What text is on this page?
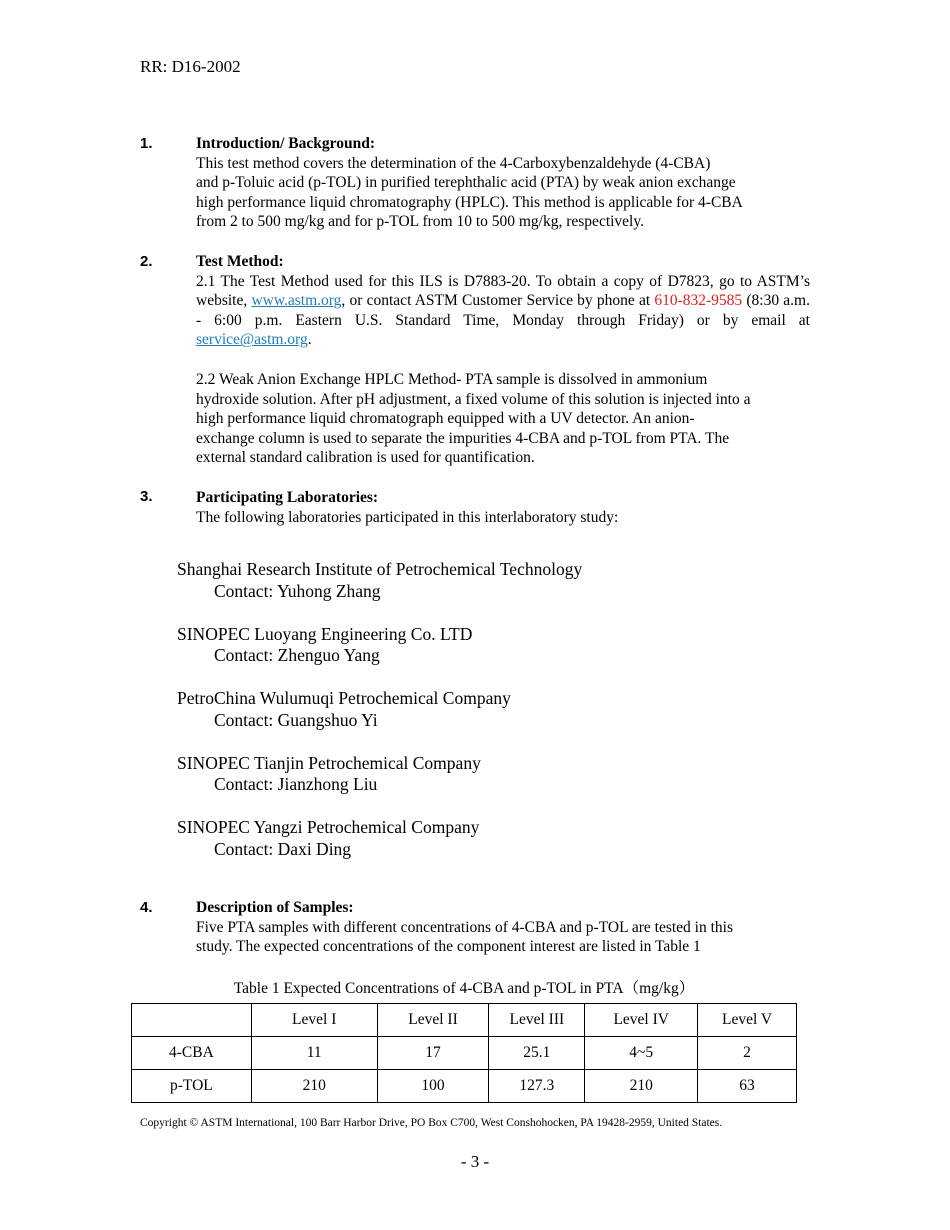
RR: D16-2002
1.	Introduction/ Background:
This test method covers the determination of the 4-Carboxybenzaldehyde (4-CBA)
and p-Toluic acid (p-TOL) in purified terephthalic acid (PTA) by weak anion exchange
high performance liquid chromatography (HPLC). This method is applicable for 4-CBA
from 2 to 500 mg/kg and for p-TOL from 10 to 500 mg/kg, respectively.
2.	Test Method:
2.1 The Test Method used for this ILS is D7883-20. To obtain a copy of D7823, go to ASTM’s website, www.astm.org, or contact ASTM Customer Service by phone at 610-832-9585 (8:30 a.m. - 6:00 p.m. Eastern U.S. Standard Time, Monday through Friday) or by email at service@astm.org.
2.2 Weak Anion Exchange HPLC Method- PTA sample is dissolved in ammonium
hydroxide solution. After pH adjustment, a fixed volume of this solution is injected into a
high performance liquid chromatograph equipped with a UV detector. An anion-
exchange column is used to separate the impurities 4-CBA and p-TOL from PTA. The
external standard calibration is used for quantification.
3.	Participating Laboratories:
The following laboratories participated in this interlaboratory study:
Shanghai Research Institute of Petrochemical Technology
Contact: Yuhong Zhang
SINOPEC Luoyang Engineering Co. LTD
Contact: Zhenguo Yang
PetroChina Wulumuqi Petrochemical Company
Contact: Guangshuo Yi
SINOPEC Tianjin Petrochemical Company
Contact: Jianzhong Liu
SINOPEC Yangzi Petrochemical Company
Contact: Daxi Ding
4.	Description of Samples:
Five PTA samples with different concentrations of 4-CBA and p-TOL are tested in this
study. The expected concentrations of the component interest are listed in Table 1
Table 1 Expected Concentrations of 4-CBA and p-TOL in PTA（mg/kg）
	Level I	Level II	Level III	Level IV	Level V
4-CBA	11	17	25.1	4~5	2
p-TOL	210	100	127.3	210	63
Copyright © ASTM International, 100 Barr Harbor Drive, PO Box C700, West Conshohocken, PA 19428-2959, United States.
- 3 -
